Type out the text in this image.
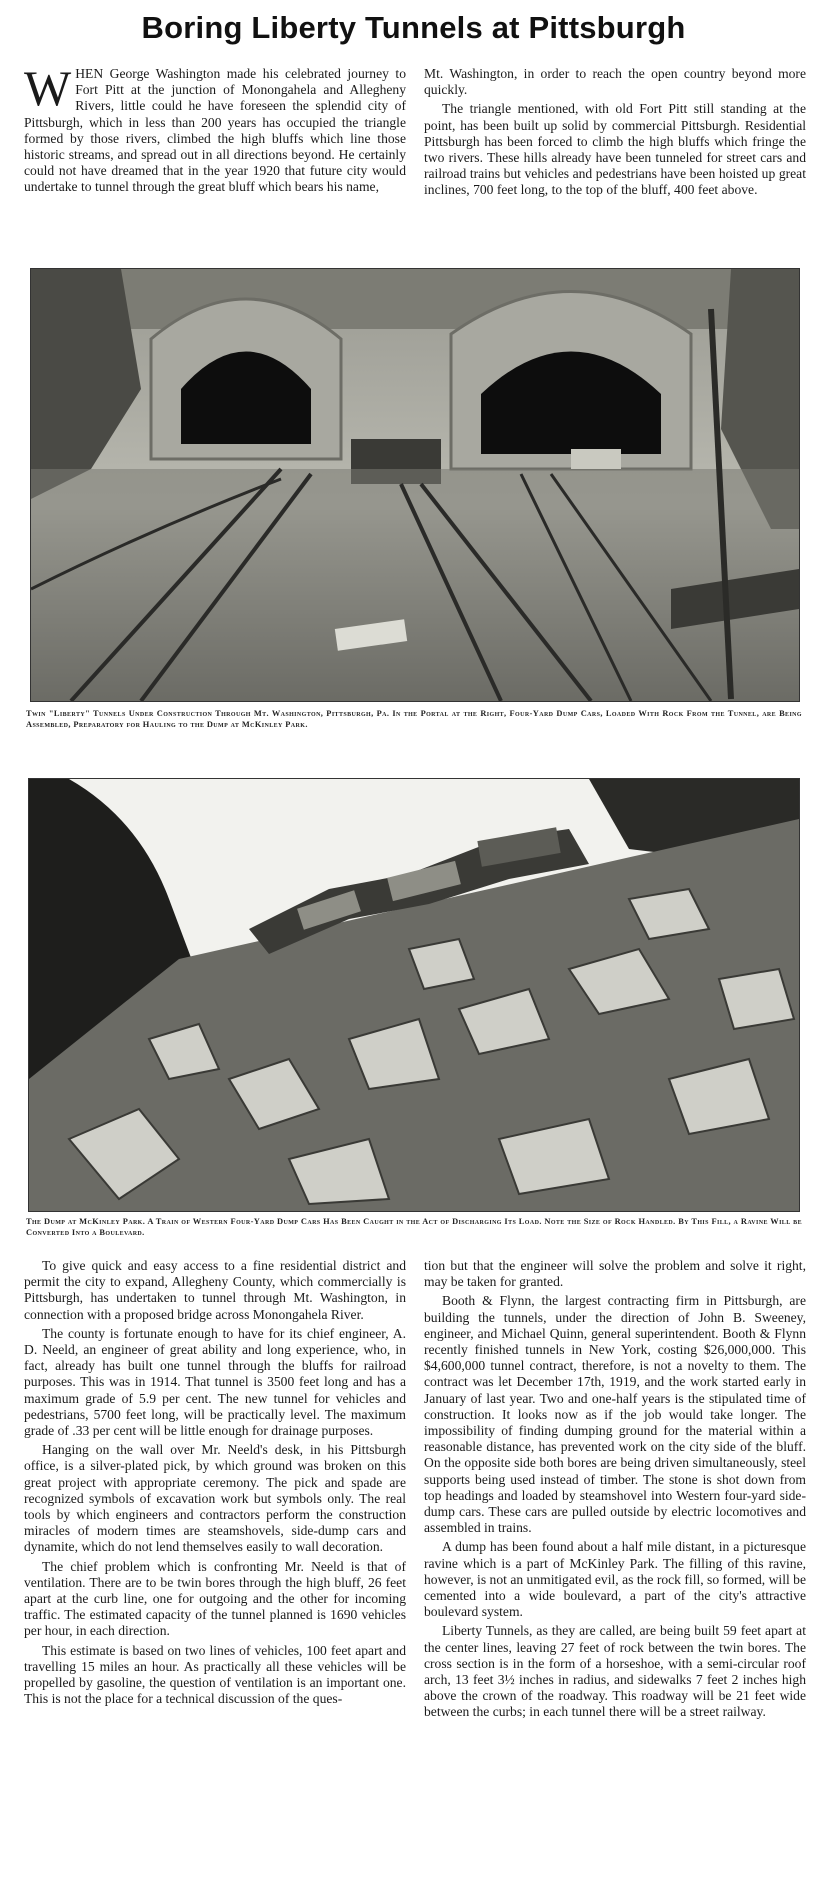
Boring Liberty Tunnels at Pittsburgh

WHEN George Washington made his celebrated journey to Fort Pitt at the junction of Monongahela and Allegheny Rivers, little could he have foreseen the splendid city of Pittsburgh, which in less than 200 years has occupied the triangle formed by those rivers, climbed the high bluffs which line those historic streams, and spread out in all directions beyond. He certainly could not have dreamed that in the year 1920 that future city would undertake to tunnel through the great bluff which bears his name,

Mt. Washington, in order to reach the open country beyond more quickly.

The triangle mentioned, with old Fort Pitt still standing at the point, has been built up solid by commercial Pittsburgh. Residential Pittsburgh has been forced to climb the high bluffs which fringe the two rivers. These hills already have been tunneled for street cars and railroad trains but vehicles and pedestrians have been hoisted up great inclines, 700 feet long, to the top of the bluff, 400 feet above.

Twin "Liberty" Tunnels Under Construction Through Mt. Washington, Pittsburgh, Pa. In the Portal at the Right, Four-Yard Dump Cars, Loaded With Rock From the Tunnel, are Being Assembled, Preparatory for Hauling to the Dump at McKinley Park.
The Dump at McKinley Park. A Train of Western Four-Yard Dump Cars Has Been Caught in the Act of Discharging Its Load. Note the Size of Rock Handled. By This Fill, a Ravine Will be Converted Into a Boulevard.

To give quick and easy access to a fine residential district and permit the city to expand, Allegheny County, which commercially is Pittsburgh, has undertaken to tunnel through Mt. Washington, in connection with a proposed bridge across Monongahela River.

The county is fortunate enough to have for its chief engineer, A. D. Neeld, an engineer of great ability and long experience, who, in fact, already has built one tunnel through the bluffs for railroad purposes. This was in 1914. That tunnel is 3500 feet long and has a maximum grade of 5.9 per cent. The new tunnel for vehicles and pedestrians, 5700 feet long, will be practically level. The maximum grade of .33 per cent will be little enough for drainage purposes.

Hanging on the wall over Mr. Neeld's desk, in his Pittsburgh office, is a silver-plated pick, by which ground was broken on this great project with appropriate ceremony. The pick and spade are recognized symbols of excavation work but symbols only. The real tools by which engineers and contractors perform the construction miracles of modern times are steamshovels, side-dump cars and dynamite, which do not lend themselves easily to wall decoration.

The chief problem which is confronting Mr. Neeld is that of ventilation. There are to be twin bores through the high bluff, 26 feet apart at the curb line, one for outgoing and the other for incoming traffic. The estimated capacity of the tunnel planned is 1690 vehicles per hour, in each direction.

This estimate is based on two lines of vehicles, 100 feet apart and travelling 15 miles an hour. As practically all these vehicles will be propelled by gasoline, the question of ventilation is an important one. This is not the place for a technical discussion of the ques-

tion but that the engineer will solve the problem and solve it right, may be taken for granted.

Booth & Flynn, the largest contracting firm in Pittsburgh, are building the tunnels, under the direction of John B. Sweeney, engineer, and Michael Quinn, general superintendent. Booth & Flynn recently finished tunnels in New York, costing $26,000,000. This $4,600,000 tunnel contract, therefore, is not a novelty to them. The contract was let December 17th, 1919, and the work started early in January of last year. Two and one-half years is the stipulated time of construction. It looks now as if the job would take longer. The impossibility of finding dumping ground for the material within a reasonable distance, has prevented work on the city side of the bluff. On the opposite side both bores are being driven simultaneously, steel supports being used instead of timber. The stone is shot down from top headings and loaded by steamshovel into Western four-yard side-dump cars. These cars are pulled outside by electric locomotives and assembled in trains.

A dump has been found about a half mile distant, in a picturesque ravine which is a part of McKinley Park. The filling of this ravine, however, is not an unmitigated evil, as the rock fill, so formed, will be cemented into a wide boulevard, a part of the city's attractive boulevard system.

Liberty Tunnels, as they are called, are being built 59 feet apart at the center lines, leaving 27 feet of rock between the twin bores. The cross section is in the form of a horseshoe, with a semi-circular roof arch, 13 feet 3½ inches in radius, and sidewalks 7 feet 2 inches high above the crown of the roadway. This roadway will be 21 feet wide between the curbs; in each tunnel there will be a street railway.
